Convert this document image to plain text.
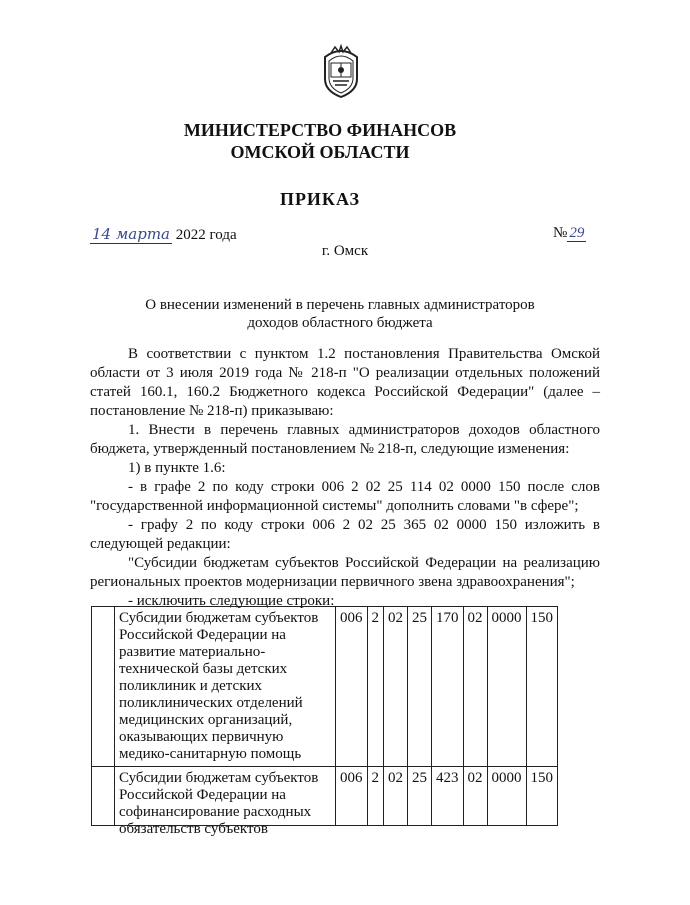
МИНИСТЕРСТВО ФИНАНСОВ
ОМСКОЙ ОБЛАСТИ
ПРИКАЗ
14 марта 2022 года	№ 29
г. Омск
О внесении изменений в перечень главных администраторов
доходов областного бюджета

В соответствии с пунктом 1.2 постановления Правительства Омской области от 3 июля 2019 года № 218-п "О реализации отдельных положений статей 160.1, 160.2 Бюджетного кодекса Российской Федерации" (далее – постановление № 218-п) приказываю:

1. Внести в перечень главных администраторов доходов областного бюджета, утвержденный постановлением № 218-п, следующие изменения:

1) в пункте 1.6:

- в графе 2 по коду строки 006 2 02 25 114 02 0000 150 после слов "государственной информационной системы" дополнить словами "в сфере";

- графу 2 по коду строки 006 2 02 25 365 02 0000 150 изложить в следующей редакции:

"Субсидии бюджетам субъектов Российской Федерации на реализацию региональных проектов модернизации первичного звена здравоохранения";

- исключить следующие строки:

	Субсидии бюджетам субъектов Российской Федерации на развитие материально-технической базы детских поликлиник и детских поликлинических отделений медицинских организаций, оказывающих первичную медико-санитарную помощь	006	2	02	25	170	02	0000	150

	Субсидии бюджетам субъектов Российской Федерации на софинансирование расходных обязательств субъектов	006	2	02	25	423	02	0000	150
